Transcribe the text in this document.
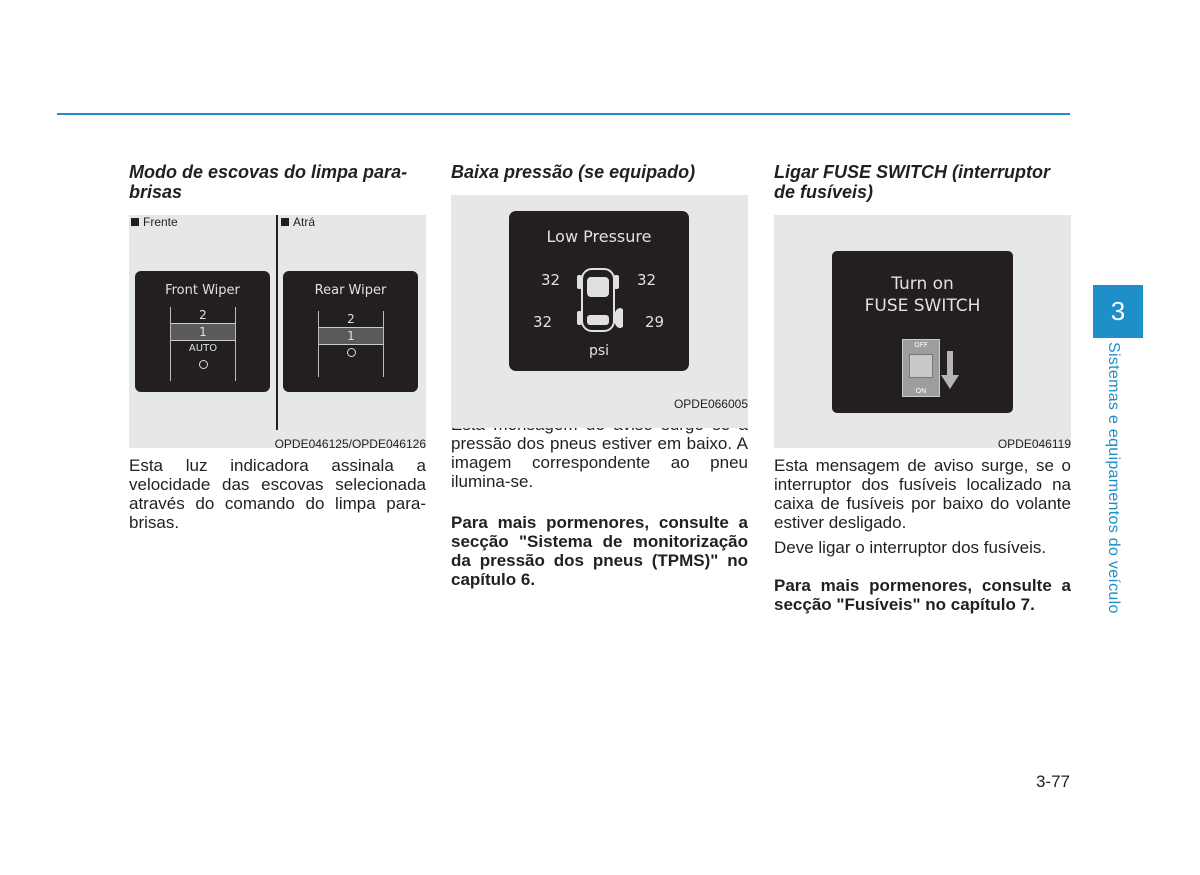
Modo de escovas do limpa para-brisas
Frente	Atrá
Front Wiper
2
1
AUTO
Rear Wiper
2
1
OPDE046125/OPDE046126

Esta luz indicadora assinala a velocidade das escovas selecionada através do comando do limpa para-brisas.

Baixa pressão (se equipado)
Low Pressure
32	32
32	29
psi
OPDE066005

pressão dos pneus estiver em baixo. A imagem correspondente ao pneu ilumina-se.

Para mais pormenores, consulte a secção "Sistema de monitorização da pressão dos pneus (TPMS)" no capítulo 6.

Ligar FUSE SWITCH (interruptor de fusíveis)
Turn on
FUSE SWITCH
OFF
ON
OPDE046119

Esta mensagem de aviso surge, se o interruptor dos fusíveis localizado na caixa de fusíveis por baixo do volante estiver desligado.

Deve ligar o interruptor dos fusíveis.

Para mais pormenores, consulte a secção "Fusíveis" no capítulo 7.

3
Sistemas e equipamentos do veículo
3-77
